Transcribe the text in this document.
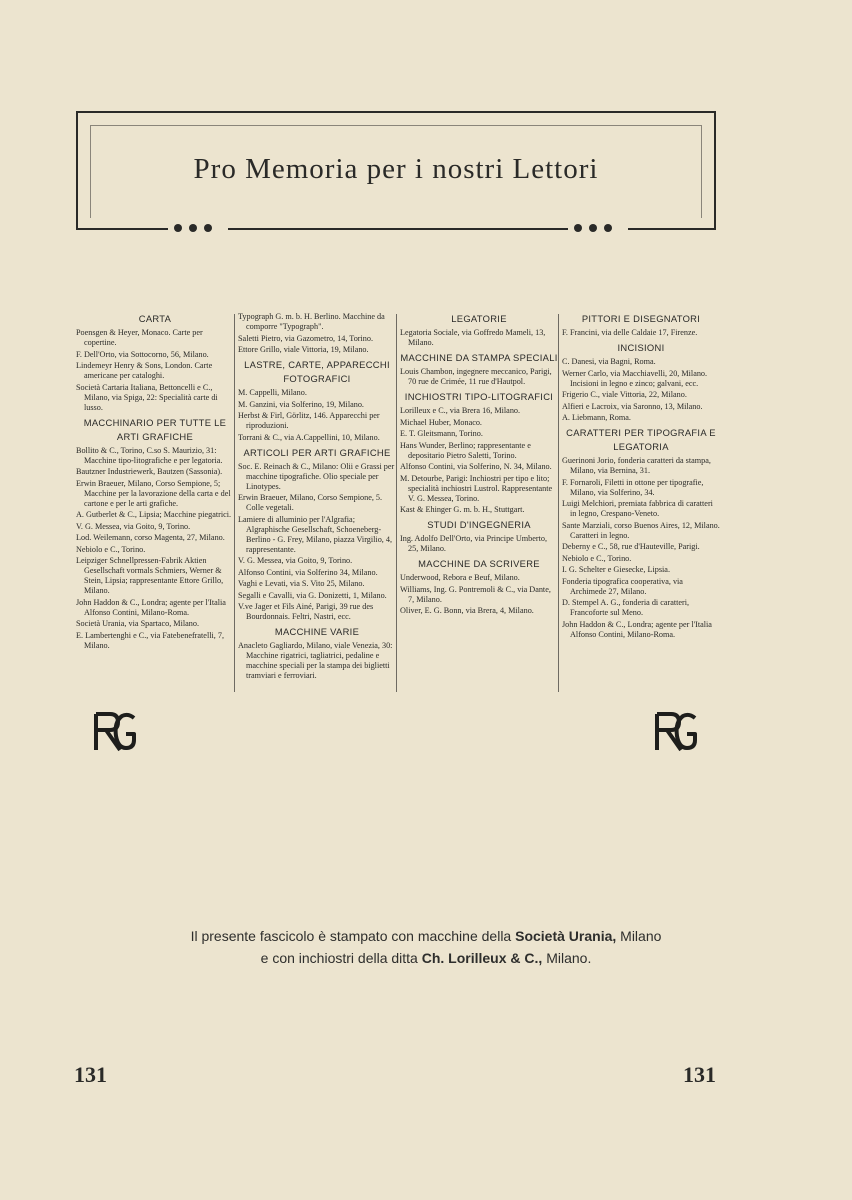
Pro Memoria per i nostri Lettori
CARTA
Poensgen & Heyer, Monaco. Carte per copertine.
F. Dell'Orto, via Sottocorno, 56, Milano.
Lindemeyr Henry & Sons, London. Carte americane per cataloghi.
Società Cartaria Italiana, Bettoncelli e C., Milano, via Spiga, 22: Specialità carte di lusso.
MACCHINARIO PER TUTTE LE ARTI GRAFICHE
Bollito & C., Torino, C.so S. Maurizio, 31: Macchine tipo-litografiche e per legatoria.
Bautzner Industriewerk, Bautzen (Sassonia).
Erwin Braeuer, Milano, Corso Sempione, 5; Macchine per la lavorazione della carta e del cartone e per le arti grafiche.
A. Gutberlet & C., Lipsia; Macchine piegatrici.
V. G. Messea, via Goito, 9, Torino.
Lod. Weilemann, corso Magenta, 27, Milano.
Nebiolo e C., Torino.
Leipziger Schnellpressen-Fabrik Aktien Gesellschaft vormals Schmiers, Werner & Stein, Lipsia; rappresentante Ettore Grillo, Milano.
John Haddon & C., Londra; agente per l'Italia Alfonso Contini, Milano-Roma.
Società Urania, via Spartaco, Milano.
E. Lambertenghi e C., via Fatebenefratelli, 7, Milano.
Typograph G. m. b. H. Berlino. Macchine da comporre "Typograph".
Saletti Pietro, via Gazometro, 14, Torino.
Ettore Grillo, viale Vittoria, 19, Milano.
LASTRE, CARTE, APPARECCHI FOTOGRAFICI
M. Cappelli, Milano.
M. Ganzini, via Solferino, 19, Milano.
Herbst & Firl, Görlitz, 146. Apparecchi per riproduzioni.
Torrani & C., via A.Cappellini, 10, Milano.
ARTICOLI PER ARTI GRAFICHE
Soc. E. Reinach & C., Milano: Olii e Grassi per macchine tipografiche. Olio speciale per Linotypes.
Erwin Braeuer, Milano, Corso Sempione, 5. Colle vegetali.
Lamiere di alluminio per l'Algrafia; Algraphische Gesellschaft, Schoeneberg-Berlino - G. Frey, Milano, piazza Virgilio, 4, rappresentante.
V. G. Messea, via Goito, 9, Torino.
Alfonso Contini, via Solferino 34, Milano.
Vaghi e Levati, via S. Vito 25, Milano.
Segalli e Cavalli, via G. Donizetti, 1, Milano.
V.ve Jager et Fils Ainé, Parigi, 39 rue des Bourdonnais. Feltri, Nastri, ecc.
MACCHINE VARIE
Anacleto Gagliardo, Milano, viale Venezia, 30: Macchine rigatrici, tagliatrici, pedaline e macchine speciali per la stampa dei biglietti tramviari e ferroviari.
LEGATORIE
Legatoria Sociale, via Goffredo Mameli, 13, Milano.
MACCHINE DA STAMPA SPECIALI
Louis Chambon, ingegnere meccanico, Parigi, 70 rue de Crimée, 11 rue d'Hautpol.
INCHIOSTRI TIPO-LITOGRAFICI
Lorilleux e C., via Brera 16, Milano.
Michael Huber, Monaco.
E. T. Gleitsmann, Torino.
Hans Wunder, Berlino; rappresentante e depositario Pietro Saletti, Torino.
Alfonso Contini, via Solferino, N. 34, Milano.
M. Detourbe, Parigi: Inchiostri per tipo e lito; specialità inchiostri Lustrol. Rappresentante V. G. Messea, Torino.
Kast & Ehinger G. m. b. H., Stuttgart.
STUDI D'INGEGNERIA
Ing. Adolfo Dell'Orto, via Principe Umberto, 25, Milano.
MACCHINE DA SCRIVERE
Underwood, Rebora e Beuf, Milano.
Williams, Ing. G. Pontremoli & C., via Dante, 7, Milano.
Oliver, E. G. Bonn, via Brera, 4, Milano.
PITTORI E DISEGNATORI
F. Francini, via delle Caldaie 17, Firenze.
INCISIONI
C. Danesi, via Bagni, Roma.
Werner Carlo, via Macchiavelli, 20, Milano. Incisioni in legno e zinco; galvani, ecc.
Frigerio C., viale Vittoria, 22, Milano.
Alfieri e Lacroix, via Saronno, 13, Milano.
A. Liebmann, Roma.
CARATTERI PER TIPOGRAFIA E LEGATORIA
Guerinoni Jorio, fonderia caratteri da stampa, Milano, via Bernina, 31.
F. Fornaroli, Filetti in ottone per tipografie, Milano, via Solferino, 34.
Luigi Melchiori, premiata fabbrica di caratteri in legno, Crespano-Veneto.
Sante Marziali, corso Buenos Aires, 12, Milano. Caratteri in legno.
Deberny e C., 58, rue d'Hauteville, Parigi.
Nebiolo e C., Torino.
I. G. Schelter e Giesecke, Lipsia.
Fonderia tipografica cooperativa, via Archimede 27, Milano.
D. Stempel A. G., fonderia di caratteri, Francoforte sul Meno.
John Haddon & C., Londra; agente per l'Italia Alfonso Contini, Milano-Roma.
Il presente fascicolo è stampato con macchine della Società Urania, Milano
e con inchiostri della ditta Ch. Lorilleux & C., Milano.
131	131
